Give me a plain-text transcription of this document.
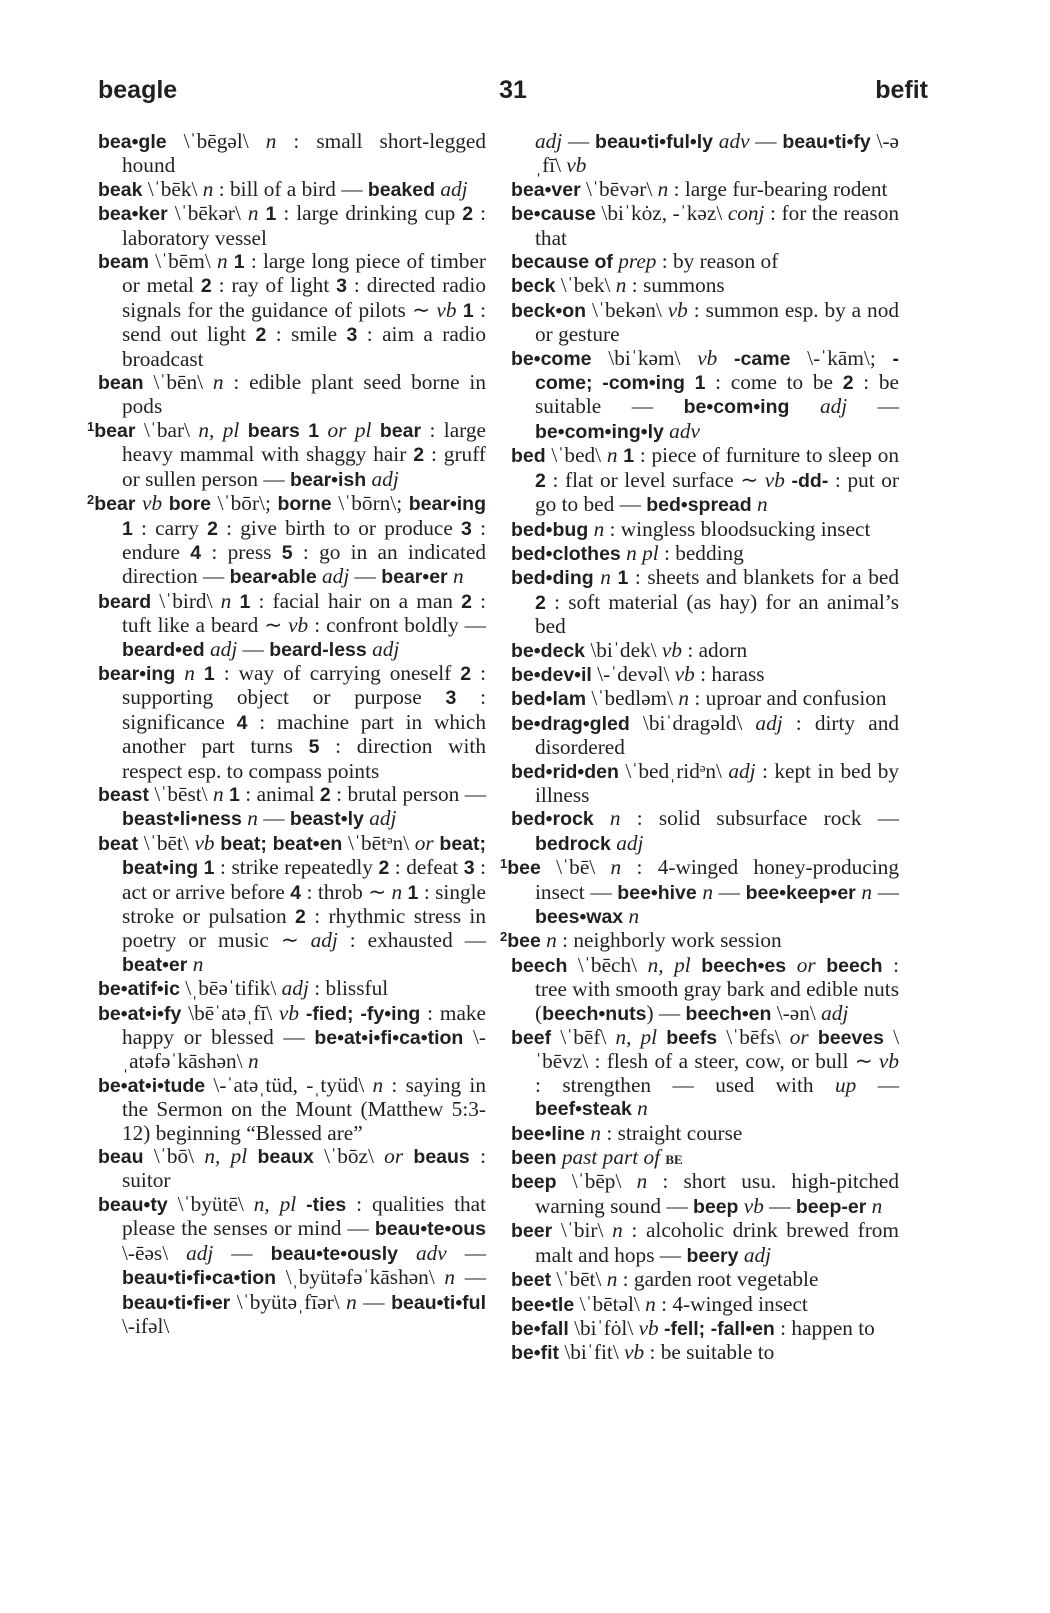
beagle	31	befit

bea•gle \ˈbēgəl\ n : small short-legged hound

beak \ˈbēk\ n : bill of a bird — beaked adj

bea•ker \ˈbēkər\ n 1 : large drinking cup 2 : laboratory vessel

beam \ˈbēm\ n 1 : large long piece of timber or metal 2 : ray of light 3 : directed radio signals for the guidance of pilots ∼ vb 1 : send out light 2 : smile 3 : aim a radio broadcast

bean \ˈbēn\ n : edible plant seed borne in pods

$^1$bear \ˈbar\ n, pl bears 1 or pl bear : large heavy mammal with shaggy hair 2 : gruff or sullen person — bear•ish adj

$^2$bear vb bore \ˈbōr\; borne \ˈbōrn\; bear•ing 1 : carry 2 : give birth to or produce 3 : endure 4 : press 5 : go in an indicated direction — bear•able adj — bear•er n

beard \ˈbird\ n 1 : facial hair on a man 2 : tuft like a beard ∼ vb : confront boldly — beard•ed adj — beard-less adj

bear•ing n 1 : way of carrying oneself 2 : supporting object or purpose 3 : significance 4 : machine part in which another part turns 5 : direction with respect esp. to compass points

beast \ˈbēst\ n 1 : animal 2 : brutal person — beast•li•ness n — beast•ly adj

beat \ˈbēt\ vb beat; beat•en \ˈbētᵊn\ or beat; beat•ing 1 : strike repeatedly 2 : defeat 3 : act or arrive before 4 : throb ∼ n 1 : single stroke or pulsation 2 : rhythmic stress in poetry or music ∼ adj : exhausted — beat•er n

be•atif•ic \ˌbēəˈtifik\ adj : blissful

be•at•i•fy \bēˈatəˌfī\ vb -fied; -fy•ing : make happy or blessed — be•at•i•fi•ca•tion \-ˌatəfəˈkāshən\ n

be•at•i•tude \-ˈatəˌtüd, -ˌtyüd\ n : saying in the Sermon on the Mount (Matthew 5:3-12) beginning “Blessed are”

beau \ˈbō\ n, pl beaux \ˈbōz\ or beaus : suitor

beau•ty \ˈbyütē\ n, pl -ties : qualities that please the senses or mind — beau•te•ous \-ēəs\ adj — beau•te•ously adv — beau•ti•fi•ca•tion \ˌbyütəfəˈkāshən\ n — beau•ti•fi•er \ˈbyütəˌfīər\ n — beau•ti•ful \-ifəl\

adj — beau•ti•ful•ly adv — beau•ti•fy \-əˌfī\ vb

bea•ver \ˈbēvər\ n : large fur-bearing rodent

be•cause \biˈkȯz, -ˈkəz\ conj : for the reason that

because of prep : by reason of

beck \ˈbek\ n : summons

beck•on \ˈbekən\ vb : summon esp. by a nod or gesture

be•come \biˈkəm\ vb -came \-ˈkām\; -come; -com•ing 1 : come to be 2 : be suitable — be•com•ing adj — be•com•ing•ly adv

bed \ˈbed\ n 1 : piece of furniture to sleep on 2 : flat or level surface ∼ vb -dd- : put or go to bed — bed•spread n

bed•bug n : wingless bloodsucking insect

bed•clothes n pl : bedding

bed•ding n 1 : sheets and blankets for a bed 2 : soft material (as hay) for an animal’s bed

be•deck \biˈdek\ vb : adorn

be•dev•il \-ˈdevəl\ vb : harass

bed•lam \ˈbedləm\ n : uproar and confusion

be•drag•gled \biˈdragəld\ adj : dirty and disordered

bed•rid•den \ˈbedˌridᵊn\ adj : kept in bed by illness

bed•rock n : solid subsurface rock — bedrock adj

$^1$bee \ˈbē\ n : 4-winged honey-producing insect — bee•hive n — bee•keep•er n — bees•wax n

$^2$bee n : neighborly work session

beech \ˈbēch\ n, pl beech•es or beech : tree with smooth gray bark and edible nuts (beech•nuts) — beech•en \-ən\ adj

beef \ˈbēf\ n, pl beefs \ˈbēfs\ or beeves \ˈbēvz\ : flesh of a steer, cow, or bull ∼ vb : strengthen — used with up — beef•steak n

bee•line n : straight course

been past part of be

beep \ˈbēp\ n : short usu. high-pitched warning sound — beep vb — beep-er n

beer \ˈbir\ n : alcoholic drink brewed from malt and hops — beery adj

beet \ˈbēt\ n : garden root vegetable

bee•tle \ˈbētəl\ n : 4-winged insect

be•fall \biˈfȯl\ vb -fell; -fall•en : happen to

be•fit \biˈfit\ vb : be suitable to
